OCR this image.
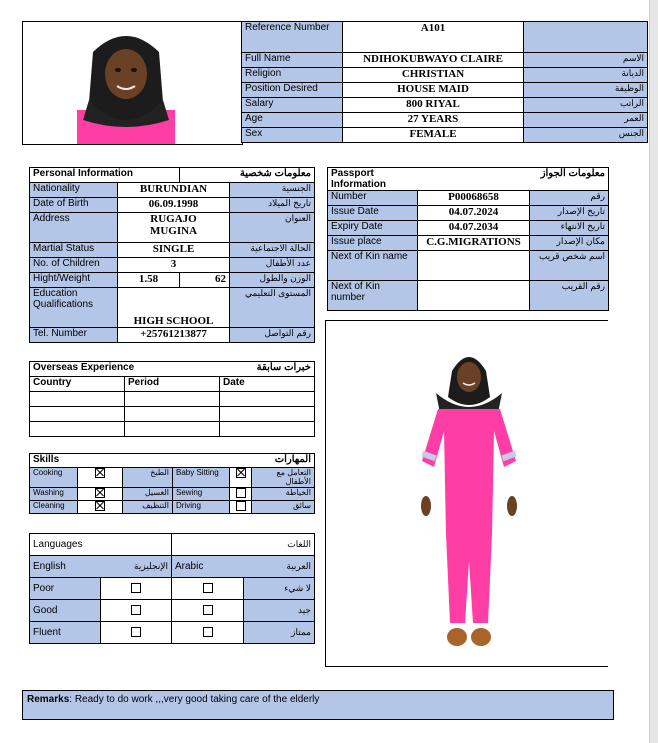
Reference Number	A101	
Full Name	NDIHOKUBWAYO CLAIRE	الاسم
Religion	CHRISTIAN	الديانة
Position Desired	HOUSE MAID	الوظيفة
Salary	800 RIYAL	الراتب
Age	27 YEARS	العمر
Sex	FEMALE	الجنس
Personal Information		معلومات شخصية	
Nationality	BURUNDIAN		الجنسية
Date of Birth	06.09.1998		تاريخ الميلاد
Address	RUGAJO MUGINA		العنوان
Martial Status	SINGLE		الحالة الاجتماعية
No. of Children	3		عدد الأطفال
Hight/Weight	1.58	62	الوزن والطول
Education Qualifications	HIGH SCHOOL		المستوى التعليمي
Tel. Number	+25761213877		رقم التواصل
Passport Information		معلومات الجواز
Number	P00068658	رقم
Issue Date	04.07.2024	تاريخ الإصدار
Expiry Date	04.07.2034	تاريخ الانتهاء
Issue place	C.G.MIGRATIONS	مكان الإصدار
Next of Kin name		اسم شخص قريب
Next of Kin number		رقم القريب
Overseas Experience		خبرات سابقة
Country	Period	Date

Skills			المهارات		
Cooking		الطبخ	Baby Sitting		التعامل مع الأطفال
Washing		الغسيل	Sewing		الخياطة
Cleaning		التنظيف	Driving		سائق
Languages		اللغات	
English	الإنجليزية	Arabic	العربية
Poor			لا شيء
Good			جيد
Fluent			ممتاز
Remarks: Ready to do work ,,,very good taking care of the elderly
